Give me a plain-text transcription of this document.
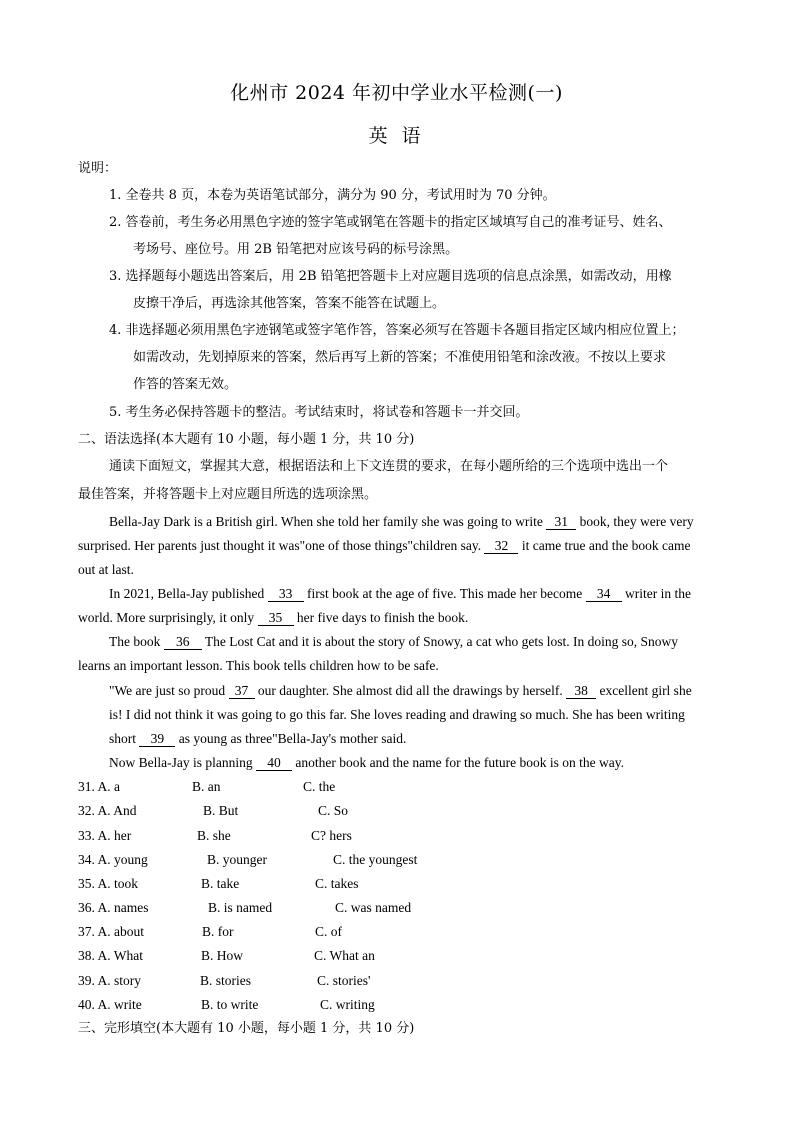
化州市 2024 年初中学业水平检测(一)
英 语
说明：
1. 全卷共 8 页，本卷为英语笔试部分，满分为 90 分，考试用时为 70 分钟。
2. 答卷前，考生务必用黑色字迹的签字笔或钢笔在答题卡的指定区域填写自己的准考证号、姓名、
考场号、座位号。用 2B 铅笔把对应该号码的标号涂黑。
3. 选择题每小题选出答案后，用 2B 铅笔把答题卡上对应题目选项的信息点涂黑，如需改动，用橡
皮擦干净后，再选涂其他答案，答案不能答在试题上。
4. 非选择题必须用黑色字迹钢笔或签字笔作答，答案必须写在答题卡各题目指定区域内相应位置上；
如需改动，先划掉原来的答案，然后再写上新的答案；不准使用铅笔和涂改液。不按以上要求
作答的答案无效。
5. 考生务必保持答题卡的整洁。考试结束时，将试卷和答题卡一并交回。
二、语法选择(本大题有 10 小题，每小题 1 分，共 10 分)
通读下面短文，掌握其大意，根据语法和上下文连贯的要求，在每小题所给的三个选项中选出一个
最佳答案，并将答题卡上对应题目所选的选项涂黑。
Bella-Jay Dark is a British girl. When she told her family she was going to write 31 book, they were very
surprised. Her parents just thought it was"one of those things"children say. 32 it came true and the book came
out at last.
In 2021, Bella-Jay published 33 first book at the age of five. This made her become 34 writer in the
world. More surprisingly, it only 35 her five days to finish the book.
The book 36 The Lost Cat and it is about the story of Snowy, a cat who gets lost. In doing so, Snowy
learns an important lesson. This book tells children how to be safe.
"We are just so proud 37 our daughter. She almost did all the drawings by herself. 38 excellent girl she
is! I did not think it was going to go this far. She loves reading and drawing so much. She has been writing
short 39 as young as three"Bella-Jay's mother said.
Now Bella-Jay is planning 40 another book and the name for the future book is on the way.
31. A. a	B. an	C. the
32. A. And	B. But	C. So
33. A. her	B. she	C? hers
34. A. young	B. younger	C. the youngest
35. A. took	B. take	C. takes
36. A. names	B. is named	C. was named
37. A. about	B. for	C. of
38. A. What	B. How	C. What an
39. A. story	B. stories	C. stories'
40. A. write	B. to write	C. writing
三、完形填空(本大题有 10 小题，每小题 1 分，共 10 分)
